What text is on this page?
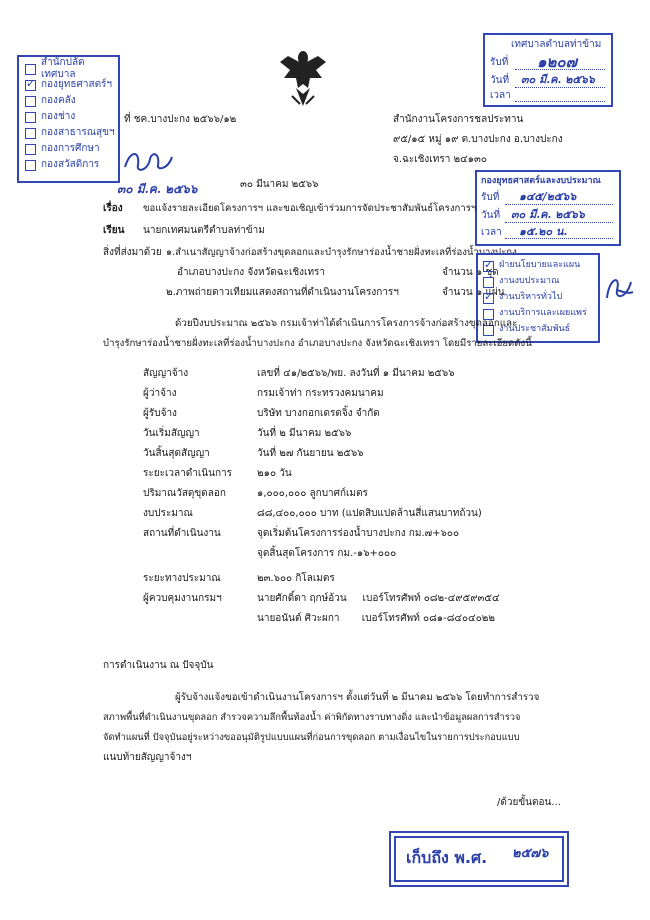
สำนักปลัดเทศบาล
✓
กองยุทธศาสตร์ฯ
กองคลัง
กองช่าง
กองสาธารณสุขฯ
กองการศึกษา
กองสวัสดิการ
๓๐ มี.ค. ๒๕๖๖
เทศบาลตำบลท่าข้าม
รับที่ ๑๒๐๗
วันที่ ๓๐ มี.ค. ๒๕๖๖
เวลา
ที่ ชค.บางปะกง ๒๕๖๖/๑๒	สำนักงานโครงการชลประทาน
๙๕/๑๕ หมู่ ๑๙ ต.บางปะกง อ.บางปะกง
จ.ฉะเชิงเทรา ๒๔๑๓๐
๓๐ มีนาคม ๒๕๖๖	กองยุทธศาสตร์และงบประมาณ
รับที่ ๑๔๕/๒๕๖๖
วันที่ ๓๐ มี.ค. ๒๕๖๖
เวลา ๑๕.๒๐ น.
เรื่อง ขอแจ้งรายละเอียดโครงการฯ และขอเชิญเข้าร่วมการจัดประชาสัมพันธ์โครงการฯ
เรียน นายกเทศมนตรีตำบลท่าข้าม
สิ่งที่ส่งมาด้วย ๑.สำเนาสัญญาจ้างก่อสร้างขุดลอกและบำรุงรักษาร่องน้ำชายฝั่งทะเลที่ร่องน้ำบางปะกง
อำเภอบางปะกง จังหวัดฉะเชิงเทรา	จำนวน ๑ ชุด
๒.ภาพถ่ายดาวเทียมแสดงสถานที่ดำเนินงานโครงการฯ	จำนวน ๑ แผ่น
✓
ฝ่ายนโยบายและแผน
งานงบประมาณ
✓
งานบริหารทั่วไป
งานบริการและเผยแพร่
งานประชาสัมพันธ์
ด้วยปีงบประมาณ ๒๕๖๖ กรมเจ้าท่าได้ดำเนินการโครงการจ้างก่อสร้างขุดลอกและ
บำรุงรักษาร่องน้ำชายฝั่งทะเลที่ร่องน้ำบางปะกง อำเภอบางปะกง จังหวัดฉะเชิงเทรา โดยมีรายละเอียดดังนี้
สัญญาจ้าง	เลขที่ ๔๑/๒๕๖๖/พย. ลงวันที่ ๑ มีนาคม ๒๕๖๖
ผู้ว่าจ้าง	กรมเจ้าท่า กระทรวงคมนาคม
ผู้รับจ้าง	บริษัท บางกอกเดรดจิ้ง จำกัด
วันเริ่มสัญญา	วันที่ ๒ มีนาคม ๒๕๖๖
วันสิ้นสุดสัญญา	วันที่ ๒๗ กันยายน ๒๕๖๖
ระยะเวลาดำเนินการ	๒๑๐ วัน
ปริมาณวัสดุขุดลอก	๑,๐๐๐,๐๐๐ ลูกบาศก์เมตร
งบประมาณ	๘๘,๔๐๐,๐๐๐ บาท (แปดสิบแปดล้านสี่แสนบาทถ้วน)
สถานที่ดำเนินงาน	จุดเริ่มต้นโครงการร่องน้ำบางปะกง กม.๗+๖๐๐
จุดสิ้นสุดโครงการ กม.-๑๖+๐๐๐
ระยะทางประมาณ	๒๓.๖๐๐ กิโลเมตร
ผู้ควบคุมงานกรมฯ	นายศักดิ์ดา ฤกษ์อ้วน     เบอร์โทรศัพท์ ๐๘๒-๔๙๕๙๓๕๔
นายอนันต์ ศิวะผกา       เบอร์โทรศัพท์ ๐๘๑-๘๔๐๔๐๒๒
การดำเนินงาน ณ ปัจจุบัน
ผู้รับจ้างแจ้งขอเข้าดำเนินงานโครงการฯ ตั้งแต่วันที่ ๒ มีนาคม ๒๕๖๖ โดยทำการสำรวจ
สภาพพื้นที่ดำเนินงานขุดลอก สำรวจความลึกพื้นท้องน้ำ ค่าพิกัดทางราบทางดิ่ง และนำข้อมูลผลการสำรวจ
จัดทำแผนที่ ปัจจุบันอยู่ระหว่างขออนุมัติรูปแบบแผนที่ก่อนการขุดลอก ตามเงื่อนไขในรายการประกอบแบบ
แนบท้ายสัญญาจ้างฯ
/ด้วยขั้นตอน...
เก็บถึง พ.ศ. ๒๕๗๖
